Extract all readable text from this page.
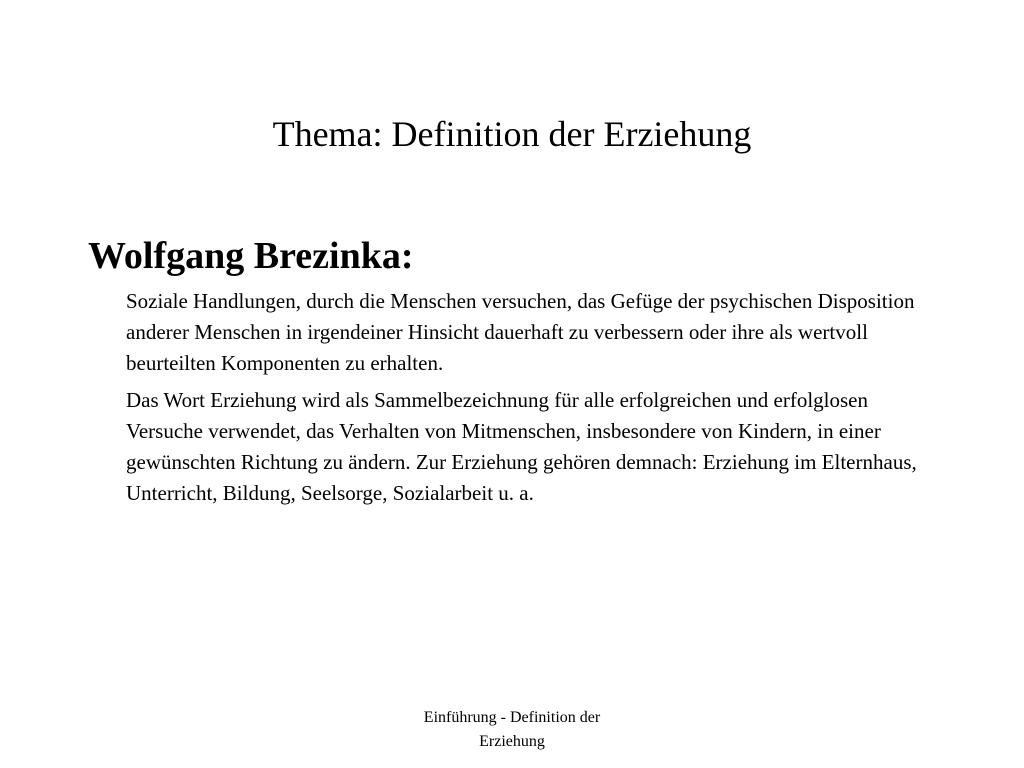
Thema: Definition der Erziehung
Wolfgang Brezinka:

Soziale Handlungen, durch die Menschen versuchen, das Gefüge der psychischen Disposition anderer Menschen in irgendeiner Hinsicht dauerhaft zu verbessern oder ihre als wertvoll beurteilten Komponenten zu erhalten.

Das Wort Erziehung wird als Sammelbezeichnung für alle erfolgreichen und erfolglosen Versuche verwendet, das Verhalten von Mitmenschen, insbesondere von Kindern, in einer gewünschten Richtung zu ändern. Zur Erziehung gehören demnach: Erziehung im Elternhaus, Unterricht, Bildung, Seelsorge, Sozialarbeit u. a.

Einführung - Definition der Erziehung
